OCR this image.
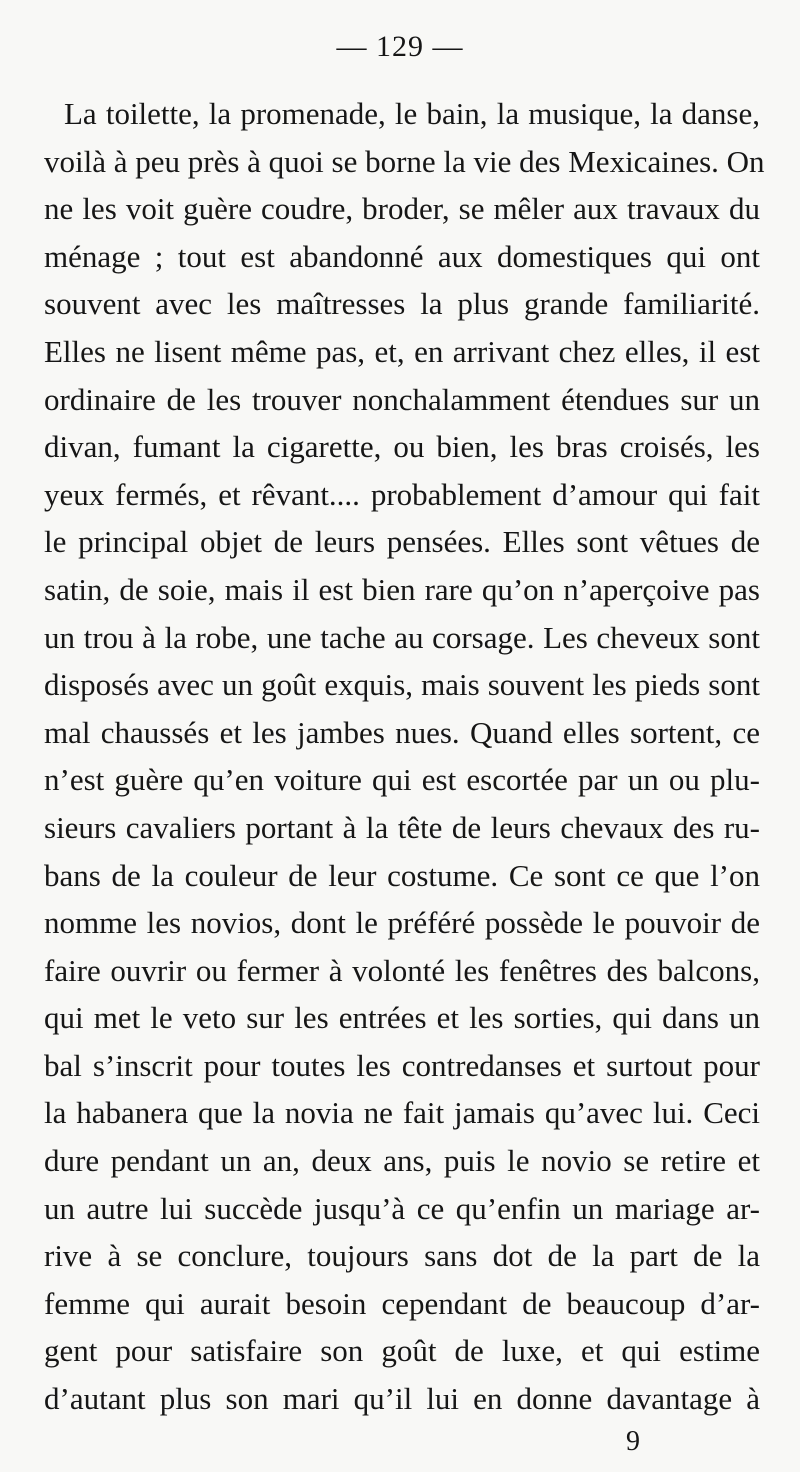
— 129 —
La toilette, la promenade, le bain, la musique, la danse,
voilà à peu près à quoi se borne la vie des Mexicaines. On
ne les voit guère coudre, broder, se mêler aux travaux du
ménage ; tout est abandonné aux domestiques qui ont
souvent avec les maîtresses la plus grande familiarité.
Elles ne lisent même pas, et, en arrivant chez elles, il est
ordinaire de les trouver nonchalamment étendues sur un
divan, fumant la cigarette, ou bien, les bras croisés, les
yeux fermés, et rêvant.... probablement d’amour qui fait
le principal objet de leurs pensées. Elles sont vêtues de
satin, de soie, mais il est bien rare qu’on n’aperçoive pas
un trou à la robe, une tache au corsage. Les cheveux sont
disposés avec un goût exquis, mais souvent les pieds sont
mal chaussés et les jambes nues. Quand elles sortent, ce
n’est guère qu’en voiture qui est escortée par un ou plu-
sieurs cavaliers portant à la tête de leurs chevaux des ru-
bans de la couleur de leur costume. Ce sont ce que l’on
nomme les novios, dont le préféré possède le pouvoir de
faire ouvrir ou fermer à volonté les fenêtres des balcons,
qui met le veto sur les entrées et les sorties, qui dans un
bal s’inscrit pour toutes les contredanses et surtout pour
la habanera que la novia ne fait jamais qu’avec lui. Ceci
dure pendant un an, deux ans, puis le novio se retire et
un autre lui succède jusqu’à ce qu’enfin un mariage ar-
rive à se conclure, toujours sans dot de la part de la
femme qui aurait besoin cependant de beaucoup d’ar-
gent pour satisfaire son goût de luxe, et qui estime
d’autant plus son mari qu’il lui en donne davantage à
9
